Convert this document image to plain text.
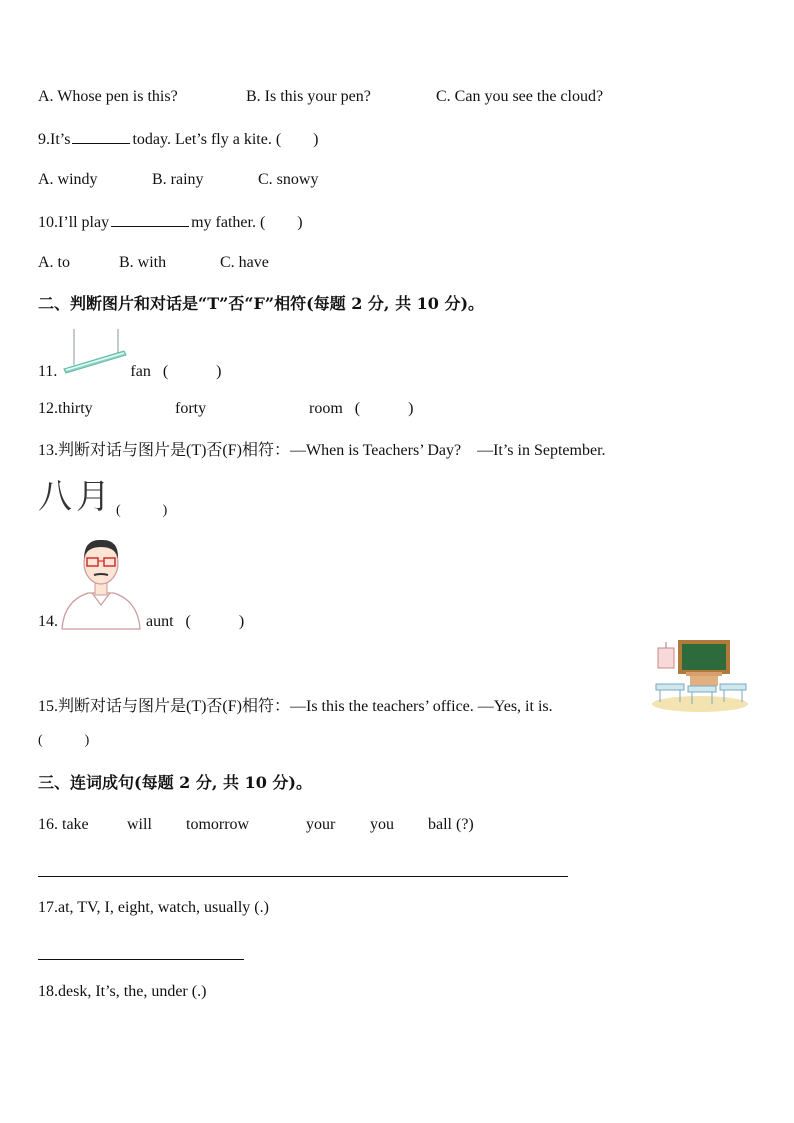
A. Whose pen is this?	B. Is this your pen?	C. Can you see the cloud?
9.It’s	today. Let’s fly a kite. (　　)
A. windy	B. rainy	C. snowy
10.I’ll play	my father. (　　)
A. to	B. with	C. have
二、判断图片和对话是“T”否“F”相符(每题 2 分, 共 10 分)。
11.	fan (　　　)
12.thirty	forty	room (　　　)
13.判断对话与图片是(T)否(F)相符：—When is Teachers’ Day?　—It’s in September.
八月 (　　　)
14.	aunt (　　　)
15.判断对话与图片是(T)否(F)相符：—Is this the teachers’ office. —Yes, it is.
(　　　)
三、连词成句(每题 2 分, 共 10 分)。
16. take will tomorrow	your you ball (?)
17.at, TV, I, eight, watch, usually (.)
18.desk, It’s, the, under (.)
